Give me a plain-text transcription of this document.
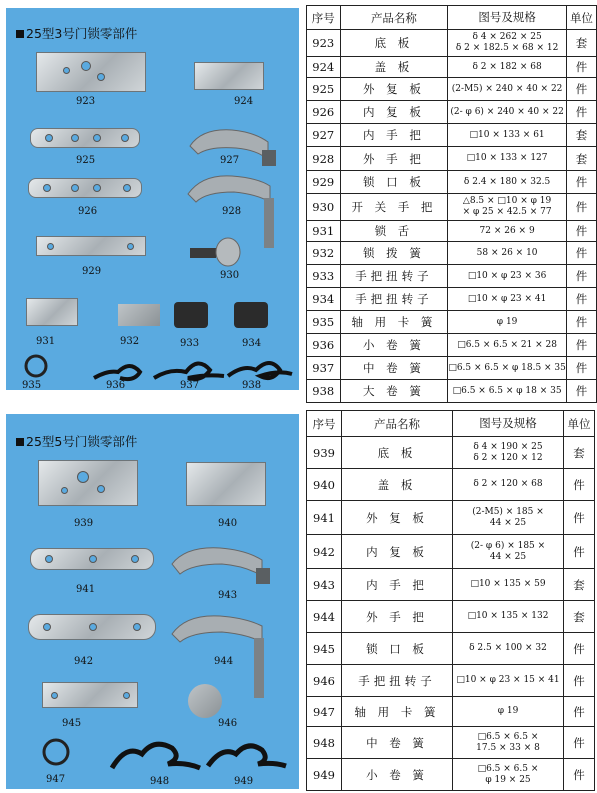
25型3号门锁零部件
923	924
925	927
926	928
929	930
931	932	933	934
935	936	937	938
25型5号门锁零部件
939	940
941
943
942	944
945	946
947	948	949
序号	产品名称	图号及规格	单位
923	底 板	δ 4 × 262 × 25
δ 2 × 182.5 × 68 × 12	套
924	盖 板	δ 2 × 182 × 68	件
925	外 复 板	(2-M5) × 240 × 40 × 22	件
926	内 复 板	(2- φ 6) × 240 × 40 × 22	件
927	内 手 把	□10 × 133 × 61	套
928	外 手 把	□10 × 133 × 127	套
929	锁 口 板	δ 2.4 × 180 × 32.5	件
930	开 关 手 把	△8.5 × □10 × φ 19
× φ 25 × 42.5 × 77	件
931	锁 舌	72 × 26 × 9	件
932	锁 拨 簧	58 × 26 × 10	件
933	手把扭转子	□10 × φ 23 × 36	件
934	手把扭转子	□10 × φ 23 × 41	件
935	轴 用 卡 簧	φ 19	件
936	小 卷 簧	□6.5 × 6.5 × 21 × 28	件
937	中 卷 簧	□6.5 × 6.5 × φ 18.5 × 35	件
938	大 卷 簧	□6.5 × 6.5 × φ 18 × 35	件
序号	产品名称	图号及规格	单位
939	底 板	δ 4 × 190 × 25
δ 2 × 120 × 12	套
940	盖 板	δ 2 × 120 × 68	件
941	外 复 板	(2-M5) × 185 ×
44 × 25	件
942	内 复 板	(2- φ 6) × 185 ×
44 × 25	件
943	内 手 把	□10 × 135 × 59	套
944	外 手 把	□10 × 135 × 132	套
945	锁 口 板	δ 2.5 × 100 × 32	件
946	手把扭转子	□10 × φ 23 × 15 × 41	件
947	轴 用 卡 簧	φ 19	件
948	中 卷 簧	□6.5 × 6.5 ×
17.5 × 33 × 8	件
949	小 卷 簧	□6.5 × 6.5 ×
φ 19 × 25	件
